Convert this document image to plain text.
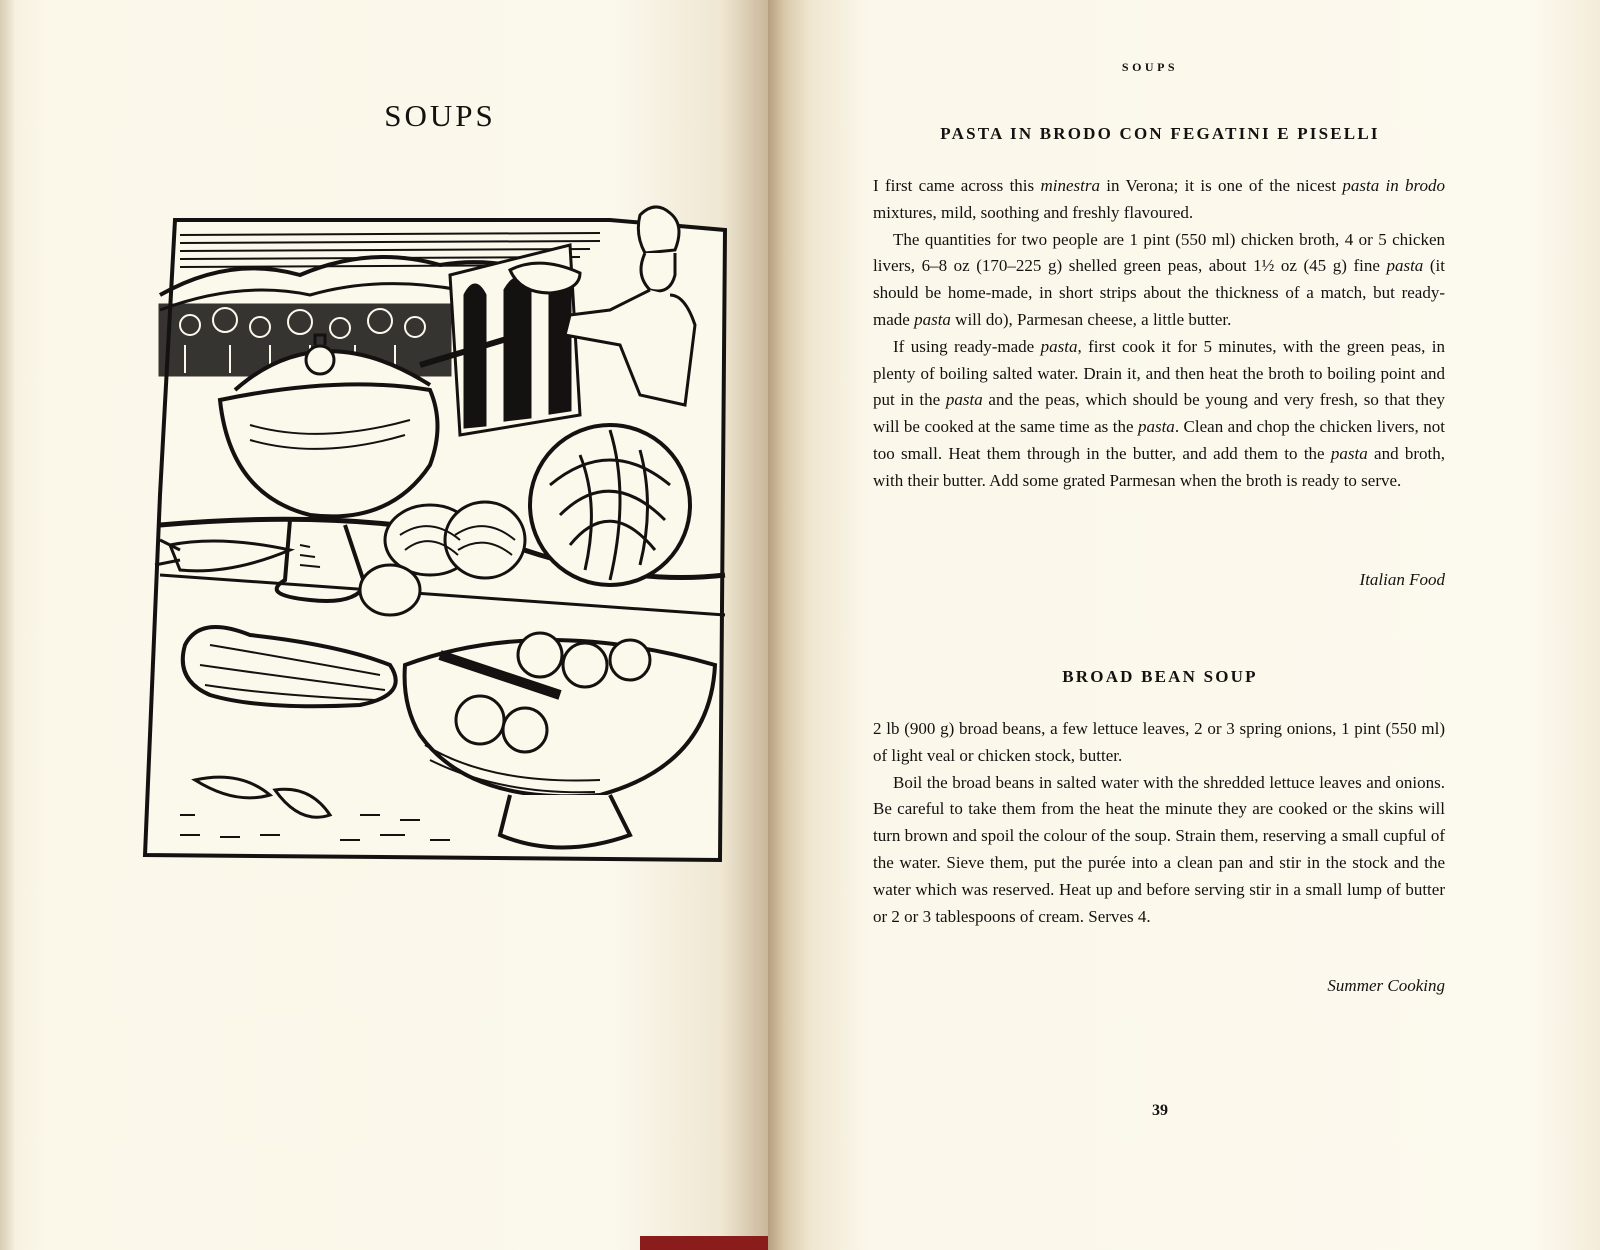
SOUPS
SOUPS
PASTA IN BRODO CON FEGATINI E PISELLI

I first came across this minestra in Verona; it is one of the nicest pasta in brodo mixtures, mild, soothing and freshly flavoured.

The quantities for two people are 1 pint (550 ml) chicken broth, 4 or 5 chicken livers, 6–8 oz (170–225 g) shelled green peas, about 1½ oz (45 g) fine pasta (it should be home-made, in short strips about the thickness of a match, but ready-made pasta will do), Parmesan cheese, a little butter.

If using ready-made pasta, first cook it for 5 minutes, with the green peas, in plenty of boiling salted water. Drain it, and then heat the broth to boiling point and put in the pasta and the peas, which should be young and very fresh, so that they will be cooked at the same time as the pasta. Clean and chop the chicken livers, not too small. Heat them through in the butter, and add them to the pasta and broth, with their butter. Add some grated Parmesan when the broth is ready to serve.

Italian Food
BROAD BEAN SOUP

2 lb (900 g) broad beans, a few lettuce leaves, 2 or 3 spring onions, 1 pint (550 ml) of light veal or chicken stock, butter.

Boil the broad beans in salted water with the shredded lettuce leaves and onions. Be careful to take them from the heat the minute they are cooked or the skins will turn brown and spoil the colour of the soup. Strain them, reserving a small cupful of the water. Sieve them, put the purée into a clean pan and stir in the stock and the water which was reserved. Heat up and before serving stir in a small lump of butter or 2 or 3 tablespoons of cream. Serves 4.

Summer Cooking
39
